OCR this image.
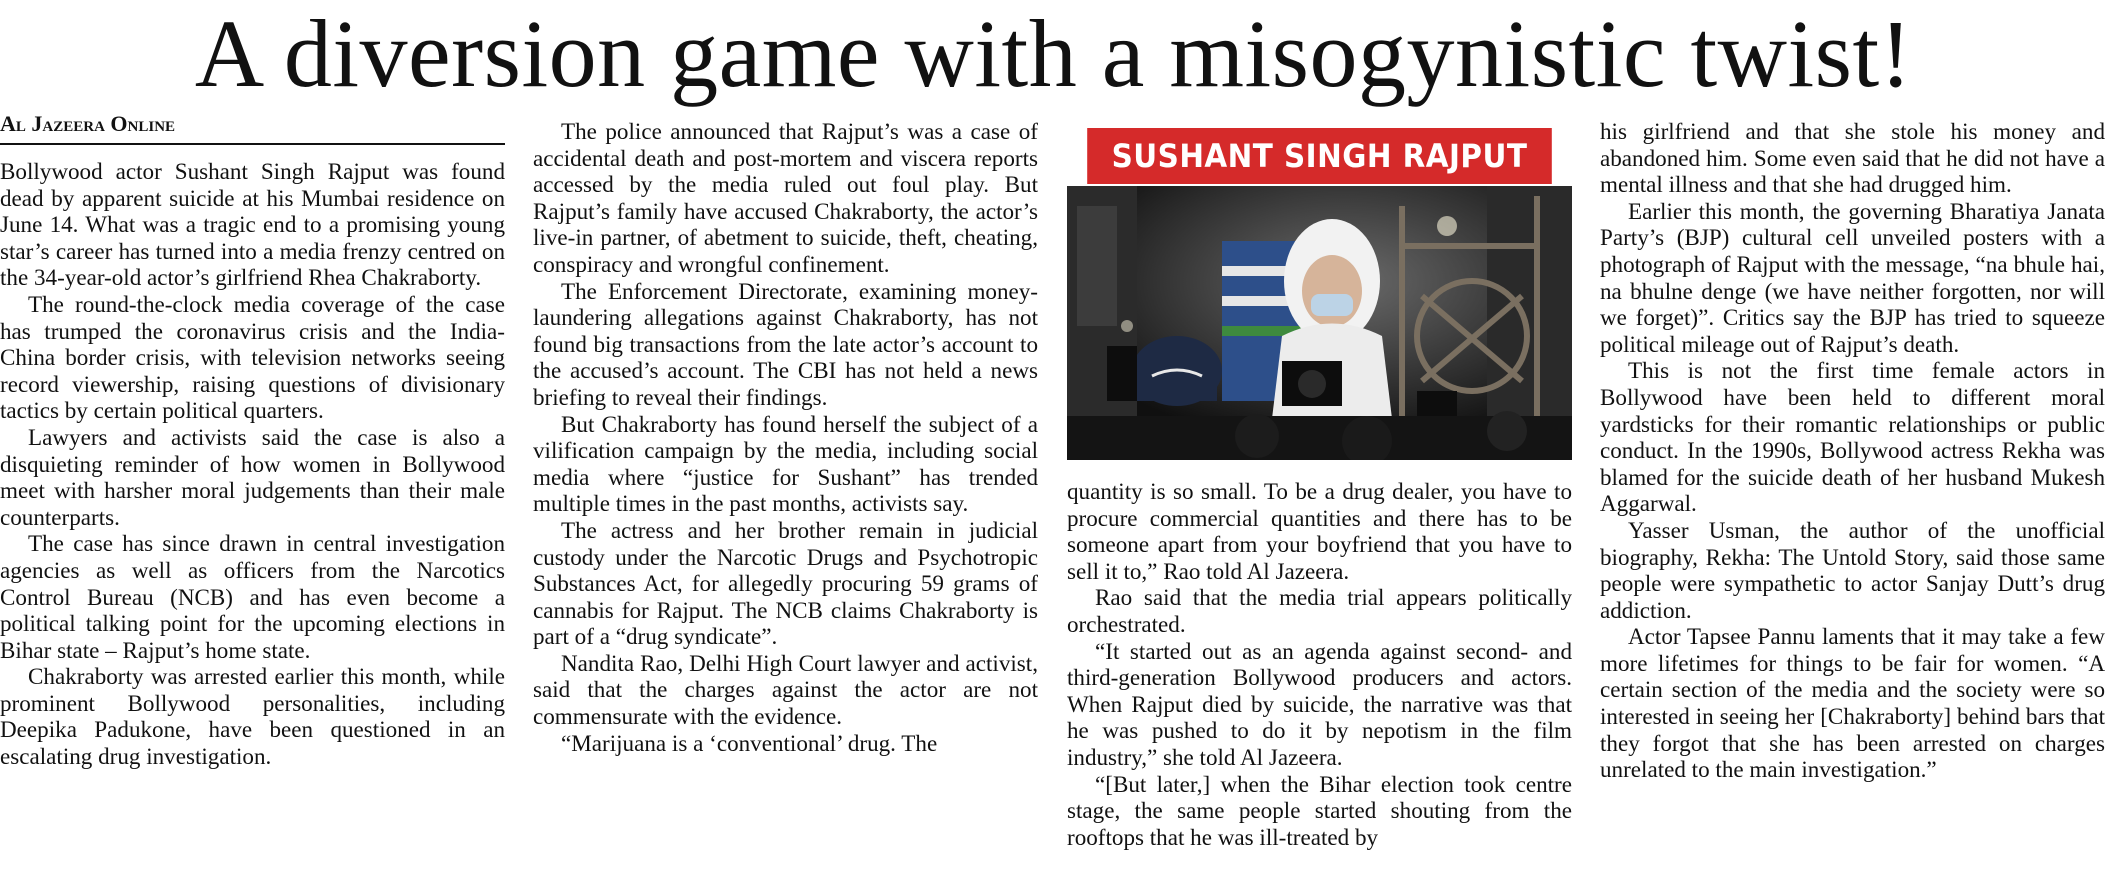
A diversion game with a misogynistic twist!
Al Jazeera Online

Bollywood actor Sushant Singh Rajput was found dead by apparent suicide at his Mumbai residence on June 14. What was a tragic end to a promising young star’s career has turned into a media frenzy centred on the 34-year-old actor’s girlfriend Rhea Chakraborty.

The round-the-clock media coverage of the case has trumped the coronavirus crisis and the India-China border crisis, with television networks seeing record viewership, raising questions of divisionary tactics by certain political quarters.

Lawyers and activists said the case is also a disquieting reminder of how women in Bollywood meet with harsher moral judgements than their male counterparts.

The case has since drawn in central investigation agencies as well as officers from the Narcotics Control Bureau (NCB) and has even become a political talking point for the upcoming elections in Bihar state – Rajput’s home state.

Chakraborty was arrested earlier this month, while prominent Bollywood personalities, including Deepika Padukone, have been questioned in an escalating drug investigation.

The police announced that Rajput’s was a case of accidental death and post-mortem and viscera reports accessed by the media ruled out foul play. But Rajput’s family have accused Chakraborty, the actor’s live-in partner, of abetment to suicide, theft, cheating, conspiracy and wrongful confinement.

The Enforcement Directorate, examining money-laundering allegations against Chakraborty, has not found big transactions from the late actor’s account to the accused’s account. The CBI has not held a news briefing to reveal their findings.

But Chakraborty has found herself the subject of a vilification campaign by the media, including social media where “justice for Sushant” has trended multiple times in the past months, activists say.

The actress and her brother remain in judicial custody under the Narcotic Drugs and Psychotropic Substances Act, for allegedly procuring 59 grams of cannabis for Rajput. The NCB claims Chakraborty is part of a “drug syndicate”.

Nandita Rao, Delhi High Court lawyer and activist, said that the charges against the actor are not commensurate with the evidence.

“Marijuana is a ‘conventional’ drug. The

SUSHANT SINGH RAJPUT

quantity is so small. To be a drug dealer, you have to procure commercial quantities and there has to be someone apart from your boyfriend that you have to sell it to,” Rao told Al Jazeera.

Rao said that the media trial appears politically orchestrated.

“It started out as an agenda against second- and third-generation Bollywood producers and actors. When Rajput died by suicide, the narrative was that he was pushed to do it by nepotism in the film industry,” she told Al Jazeera.

“[But later,] when the Bihar election took centre stage, the same people started shouting from the rooftops that he was ill-treated by

his girlfriend and that she stole his money and abandoned him. Some even said that he did not have a mental illness and that she had drugged him.

Earlier this month, the governing Bharatiya Janata Party’s (BJP) cultural cell unveiled posters with a photograph of Rajput with the message, “na bhule hai, na bhulne denge (we have neither forgotten, nor will we forget)”. Critics say the BJP has tried to squeeze political mileage out of Rajput’s death.

This is not the first time female actors in Bollywood have been held to different moral yardsticks for their romantic relationships or public conduct. In the 1990s, Bollywood actress Rekha was blamed for the suicide death of her husband Mukesh Aggarwal.

Yasser Usman, the author of the unofficial biography, Rekha: The Untold Story, said those same people were sympathetic to actor Sanjay Dutt’s drug addiction.

Actor Tapsee Pannu laments that it may take a few more lifetimes for things to be fair for women. “A certain section of the media and the society were so interested in seeing her [Chakraborty] behind bars that they forgot that she has been arrested on charges unrelated to the main investigation.”
